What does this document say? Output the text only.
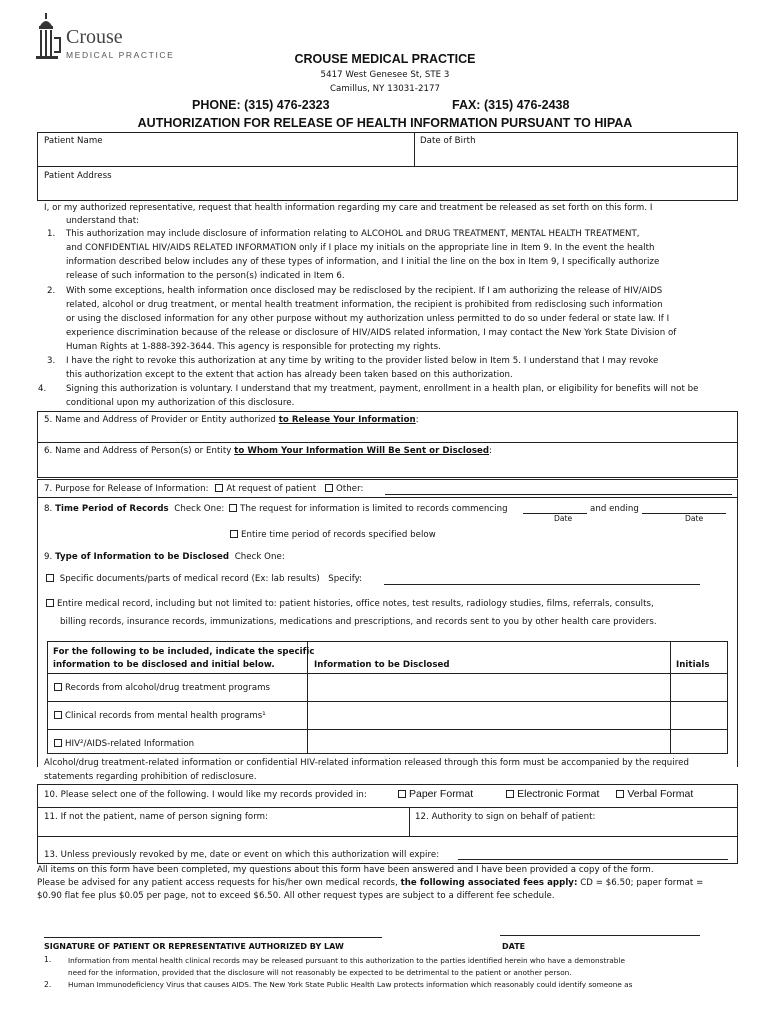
Crouse
MEDICAL PRACTICE	CROUSE MEDICAL PRACTICE
5417 West Genesee St, STE 3
Camillus, NY 13031-2177
PHONE: (315) 476-2323	FAX: (315) 476-2438
AUTHORIZATION FOR RELEASE OF HEALTH INFORMATION PURSUANT TO HIPAA
Patient Name	Date of Birth
Patient Address
I, or my authorized representative, request that health information regarding my care and treatment be released as set forth on this form. I
understand that:
1. This authorization may include disclosure of information relating to ALCOHOL and DRUG TREATMENT, MENTAL HEALTH TREATMENT,
and CONFIDENTIAL HIV/AIDS RELATED INFORMATION only if I place my initials on the appropriate line in Item 9. In the event the health
information described below includes any of these types of information, and I initial the line on the box in Item 9, I specifically authorize
release of such information to the person(s) indicated in Item 6.
2. With some exceptions, health information once disclosed may be redisclosed by the recipient. If I am authorizing the release of HIV/AIDS
related, alcohol or drug treatment, or mental health treatment information, the recipient is prohibited from redisclosing such information
or using the disclosed information for any other purpose without my authorization unless permitted to do so under federal or state law. If I
experience discrimination because of the release or disclosure of HIV/AIDS related information, I may contact the New York State Division of
Human Rights at 1-888-392-3644. This agency is responsible for protecting my rights.
3. I have the right to revoke this authorization at any time by writing to the provider listed below in Item 5. I understand that I may revoke
this authorization except to the extent that action has already been taken based on this authorization.
4. Signing this authorization is voluntary. I understand that my treatment, payment, enrollment in a health plan, or eligibility for benefits will not be
conditional upon my authorization of this disclosure.
5. Name and Address of Provider or Entity authorized to Release Your Information:
6. Name and Address of Person(s) or Entity to Whom Your Information Will Be Sent or Disclosed:
7. Purpose for Release of Information: At request of patient Other:
8. Time Period of Records Check One: The request for information is limited to records commencing	and ending
Date	Date
Entire time period of records specified below
9. Type of Information to be Disclosed Check One:
Specific documents/parts of medical record (Ex: lab results) Specify:
Entire medical record, including but not limited to: patient histories, office notes, test results, radiology studies, films, referrals, consults,
billing records, insurance records, immunizations, medications and prescriptions, and records sent to you by other health care providers.
For the following to be included, indicate the specific
information to be disclosed and initial below.	Information to be Disclosed	Initials
Records from alcohol/drug treatment programs
Clinical records from mental health programs¹
HIV²/AIDS-related Information
Alcohol/drug treatment-related information or confidential HIV-related information released through this form must be accompanied by the required
statements regarding prohibition of redisclosure.
10. Please select one of the following. I would like my records provided in:	Paper Format	Electronic Format	Verbal Format
11. If not the patient, name of person signing form:	12. Authority to sign on behalf of patient:
13. Unless previously revoked by me, date or event on which this authorization will expire:
All items on this form have been completed, my questions about this form have been answered and I have been provided a copy of the form.
Please be advised for any patient access requests for his/her own medical records, the following associated fees apply: CD = $6.50; paper format =
$0.90 flat fee plus $0.05 per page, not to exceed $6.50. All other request types are subject to a different fee schedule.
SIGNATURE OF PATIENT OR REPRESENTATIVE AUTHORIZED BY LAW	DATE
1. Information from mental health clinical records may be released pursuant to this authorization to the parties identified herein who have a demonstrable
need for the information, provided that the disclosure will not reasonably be expected to be detrimental to the patient or another person.
2. Human Immunodeficiency Virus that causes AIDS. The New York State Public Health Law protects information which reasonably could identify someone as
